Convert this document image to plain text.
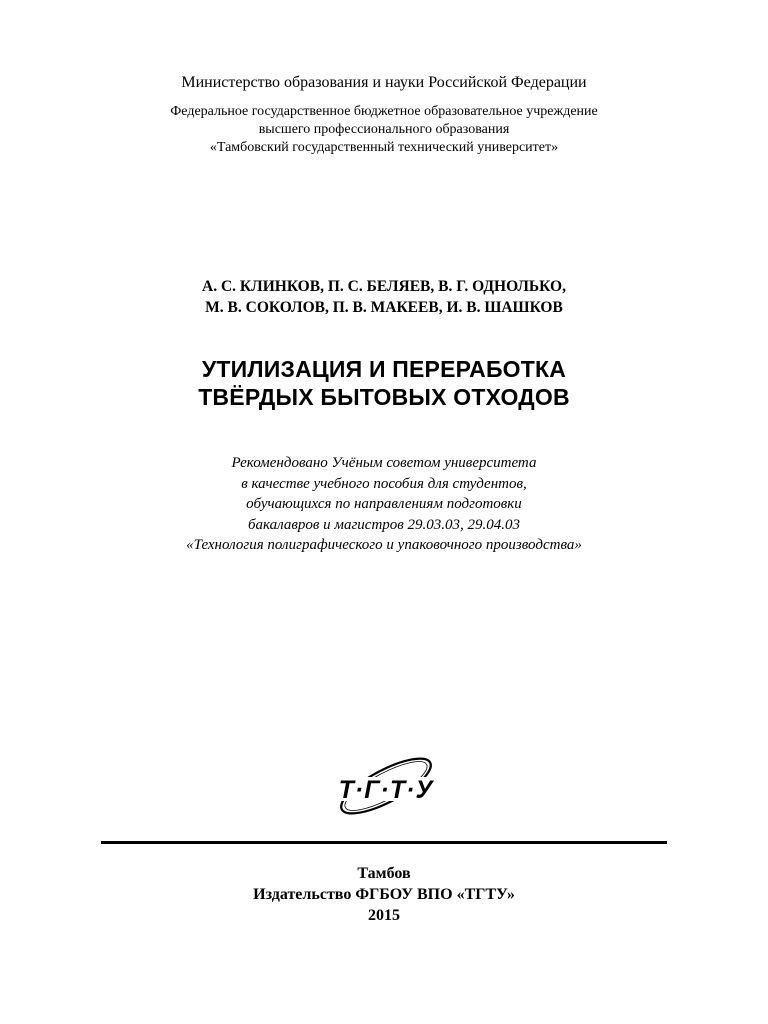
Министерство образования и науки Российской Федерации
Федеральное государственное бюджетное образовательное учреждение
высшего профессионального образования
«Тамбовский государственный технический университет»
А. С. КЛИНКОВ, П. С. БЕЛЯЕВ, В. Г. ОДНОЛЬКО,
М. В. СОКОЛОВ, П. В. МАКЕЕВ, И. В. ШАШКОВ
УТИЛИЗАЦИЯ И ПЕРЕРАБОТКА
ТВЁРДЫХ БЫТОВЫХ ОТХОДОВ
Рекомендовано Учёным советом университета
в качестве учебного пособия для студентов,
обучающихся по направлениям подготовки
бакалавров и магистров 29.03.03, 29.04.03
«Технология полиграфического и упаковочного производства»
Т·Г·Т·У
Тамбов
Издательство ФГБОУ ВПО «ТГТУ»
2015
